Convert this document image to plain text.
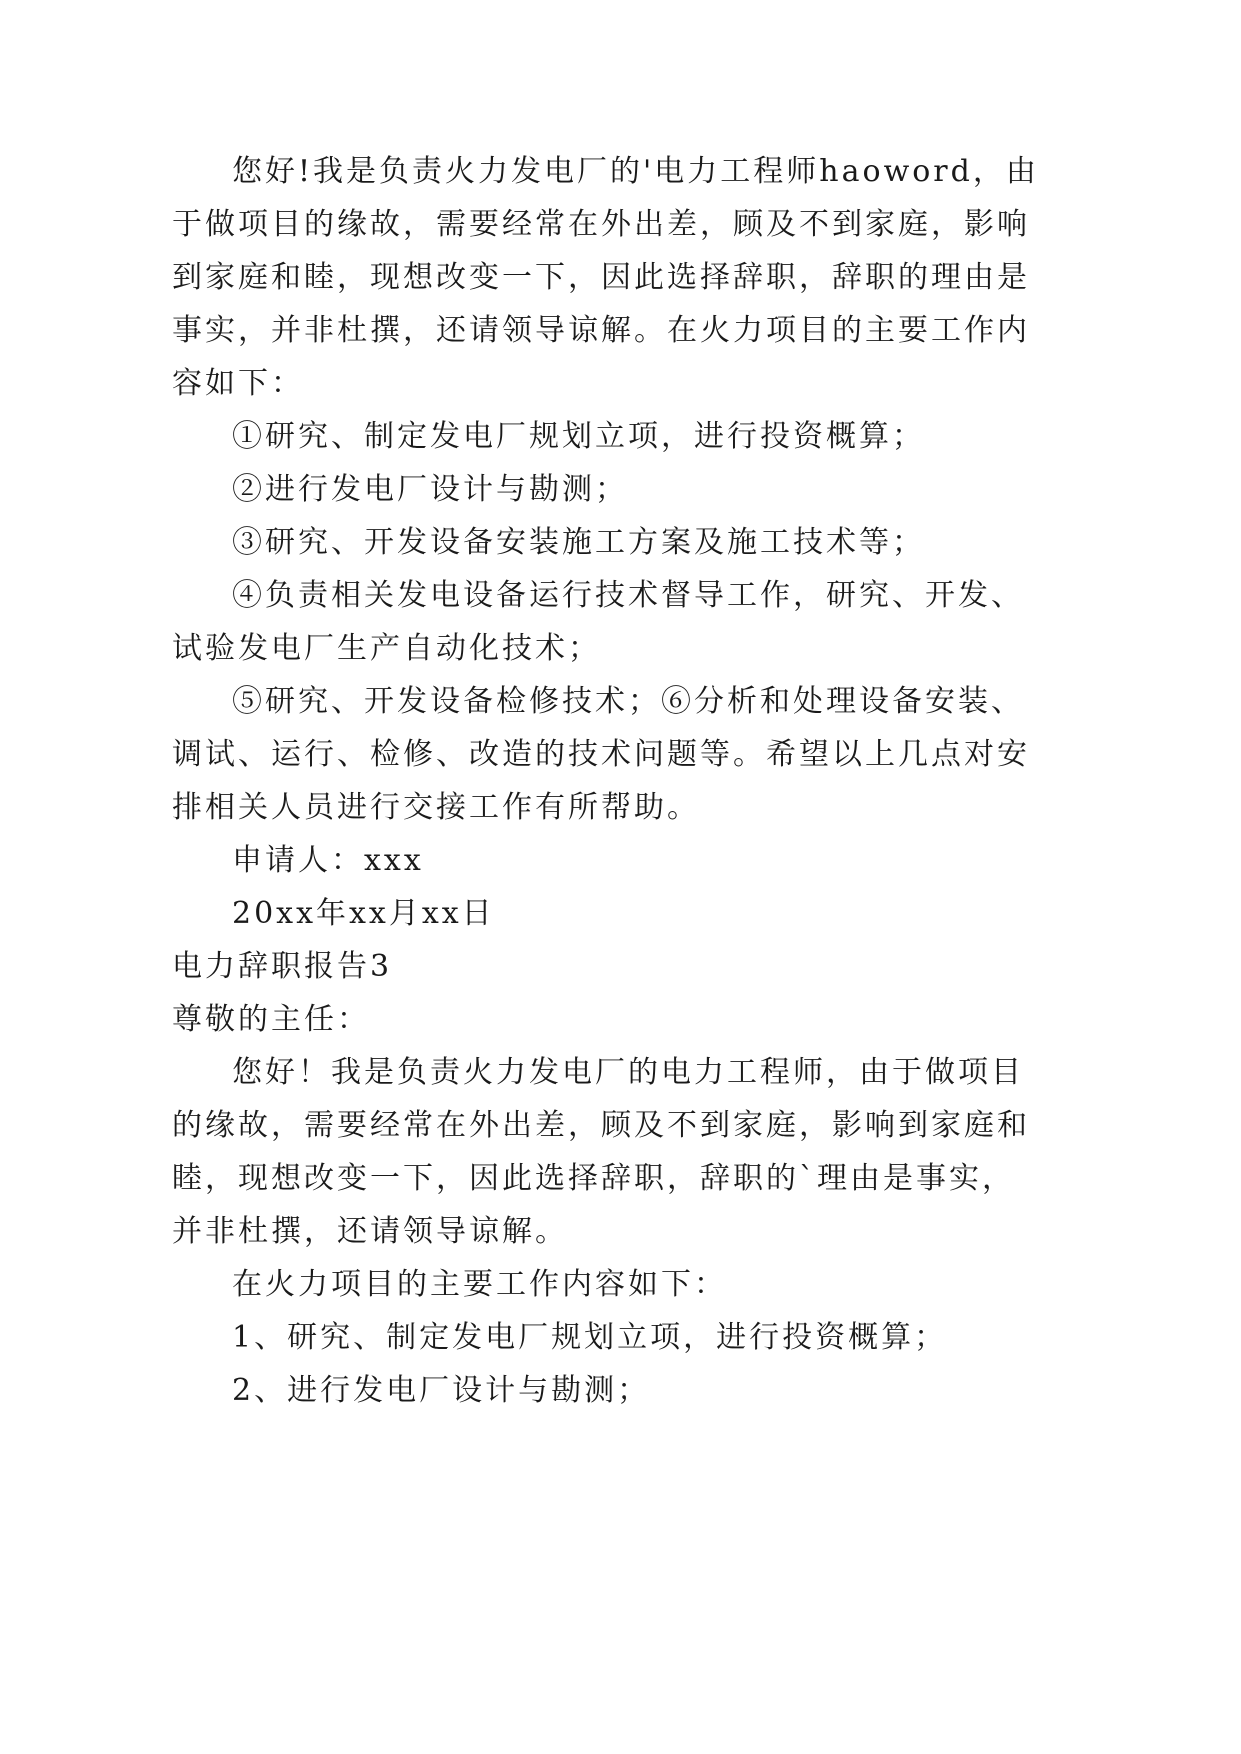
您好!我是负责火力发电厂的'电力工程师haoword，由
于做项目的缘故，需要经常在外出差，顾及不到家庭，影响
到家庭和睦，现想改变一下，因此选择辞职，辞职的理由是
事实，并非杜撰，还请领导谅解。在火力项目的主要工作内
容如下：
①研究、制定发电厂规划立项，进行投资概算；
②进行发电厂设计与勘测；
③研究、开发设备安装施工方案及施工技术等；
④负责相关发电设备运行技术督导工作，研究、开发、
试验发电厂生产自动化技术；
⑤研究、开发设备检修技术；⑥分析和处理设备安装、
调试、运行、检修、改造的技术问题等。希望以上几点对安
排相关人员进行交接工作有所帮助。
申请人：xxx
20xx年xx月xx日
电力辞职报告3
尊敬的主任：
您好！我是负责火力发电厂的电力工程师，由于做项目
的缘故，需要经常在外出差，顾及不到家庭，影响到家庭和
睦，现想改变一下，因此选择辞职，辞职的`理由是事实，
并非杜撰，还请领导谅解。
在火力项目的主要工作内容如下：
1、研究、制定发电厂规划立项，进行投资概算；
2、进行发电厂设计与勘测；
